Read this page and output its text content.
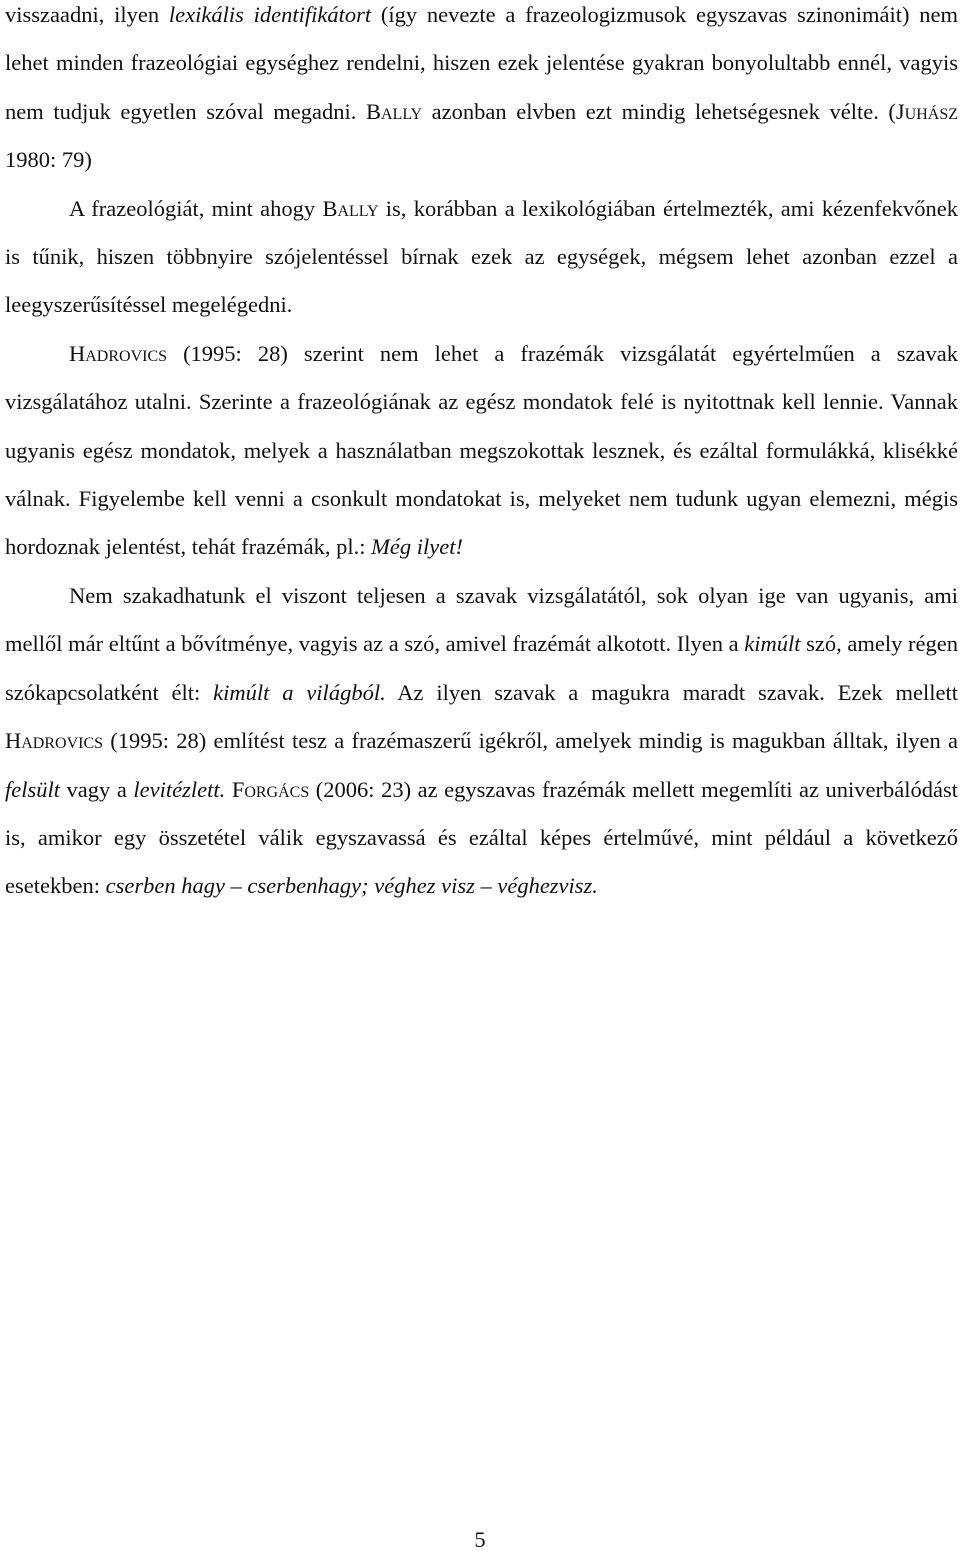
visszaadni, ilyen lexikális identifikátort (így nevezte a frazeologizmusok egyszavas szinonimáit) nem lehet minden frazeológiai egységhez rendelni, hiszen ezek jelentése gyakran bonyolultabb ennél, vagyis nem tudjuk egyetlen szóval megadni. Bally azonban elvben ezt mindig lehetségesnek vélte. (Juhász 1980: 79)

A frazeológiát, mint ahogy Bally is, korábban a lexikológiában értelmezték, ami kézenfekvőnek is tűnik, hiszen többnyire szójelentéssel bírnak ezek az egységek, mégsem lehet azonban ezzel a leegyszerűsítéssel megelégedni.

Hadrovics (1995: 28) szerint nem lehet a frazémák vizsgálatát egyértelműen a szavak vizsgálatához utalni. Szerinte a frazeológiának az egész mondatok felé is nyitottnak kell lennie. Vannak ugyanis egész mondatok, melyek a használatban megszokottak lesznek, és ezáltal formulákká, klisékké válnak. Figyelembe kell venni a csonkult mondatokat is, melyeket nem tudunk ugyan elemezni, mégis hordoznak jelentést, tehát frazémák, pl.: Még ilyet!

Nem szakadhatunk el viszont teljesen a szavak vizsgálatától, sok olyan ige van ugyanis, ami mellől már eltűnt a bővítménye, vagyis az a szó, amivel frazémát alkotott. Ilyen a kimúlt szó, amely régen szókapcsolatként élt: kimúlt a világból. Az ilyen szavak a magukra maradt szavak. Ezek mellett Hadrovics (1995: 28) említést tesz a frazémaszerű igékről, amelyek mindig is magukban álltak, ilyen a felsült vagy a levitézlett. Forgács (2006: 23) az egyszavas frazémák mellett megemlíti az univerbálódást is, amikor egy összetétel válik egyszavassá és ezáltal képes értelművé, mint például a következő esetekben: cserben hagy – cserbenhagy; véghez visz – véghezvisz.

5
